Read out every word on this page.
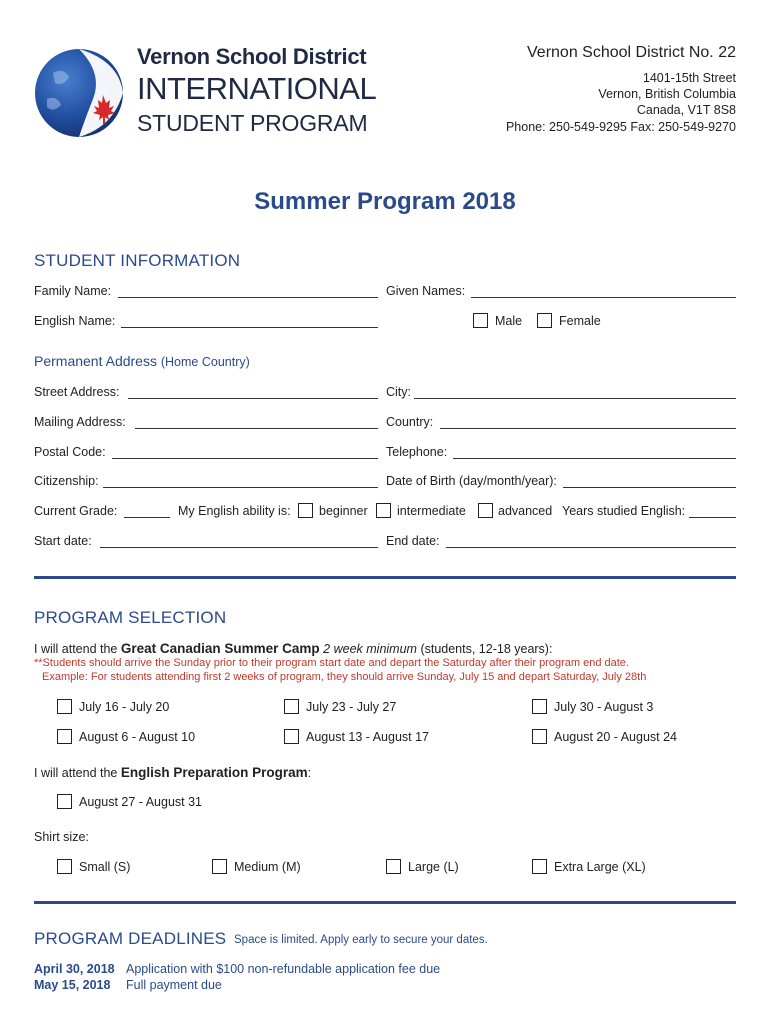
Vernon School District
INTERNATIONAL
STUDENT PROGRAM
Vernon School District No. 22
1401-15th Street
Vernon, British Columbia
Canada, V1T 8S8
Phone: 250-549-9295 Fax: 250-549-9270
Summer Program 2018
STUDENT INFORMATION
Family Name:	Given Names:
English Name:	Male	Female
Permanent Address (Home Country)
Street Address:	City:
Mailing Address:	Country:
Postal Code:	Telephone:
Citizenship:	Date of Birth (day/month/year):
Current Grade:	My English ability is: beginner intermediate	advanced Years studied English:
Start date:	End date:
PROGRAM SELECTION
I will attend the Great Canadian Summer Camp 2 week minimum (students, 12-18 years):
**Students should arrive the Sunday prior to their program start date and depart the Saturday after their program end date.
Example: For students attending first 2 weeks of program, they should arrive Sunday, July 15 and depart Saturday, July 28th
July 16 - July 20	July 23 - July 27	July 30 - August 3
August 6 - August 10	August 13 - August 17	August 20 - August 24
I will attend the English Preparation Program:
August 27 - August 31
Shirt size:
Small (S)	Medium (M)	Large (L)	Extra Large (XL)
PROGRAM DEADLINES Space is limited. Apply early to secure your dates.
April 30, 2018 Application with $100 non-refundable application fee due
May 15, 2018 Full payment due
